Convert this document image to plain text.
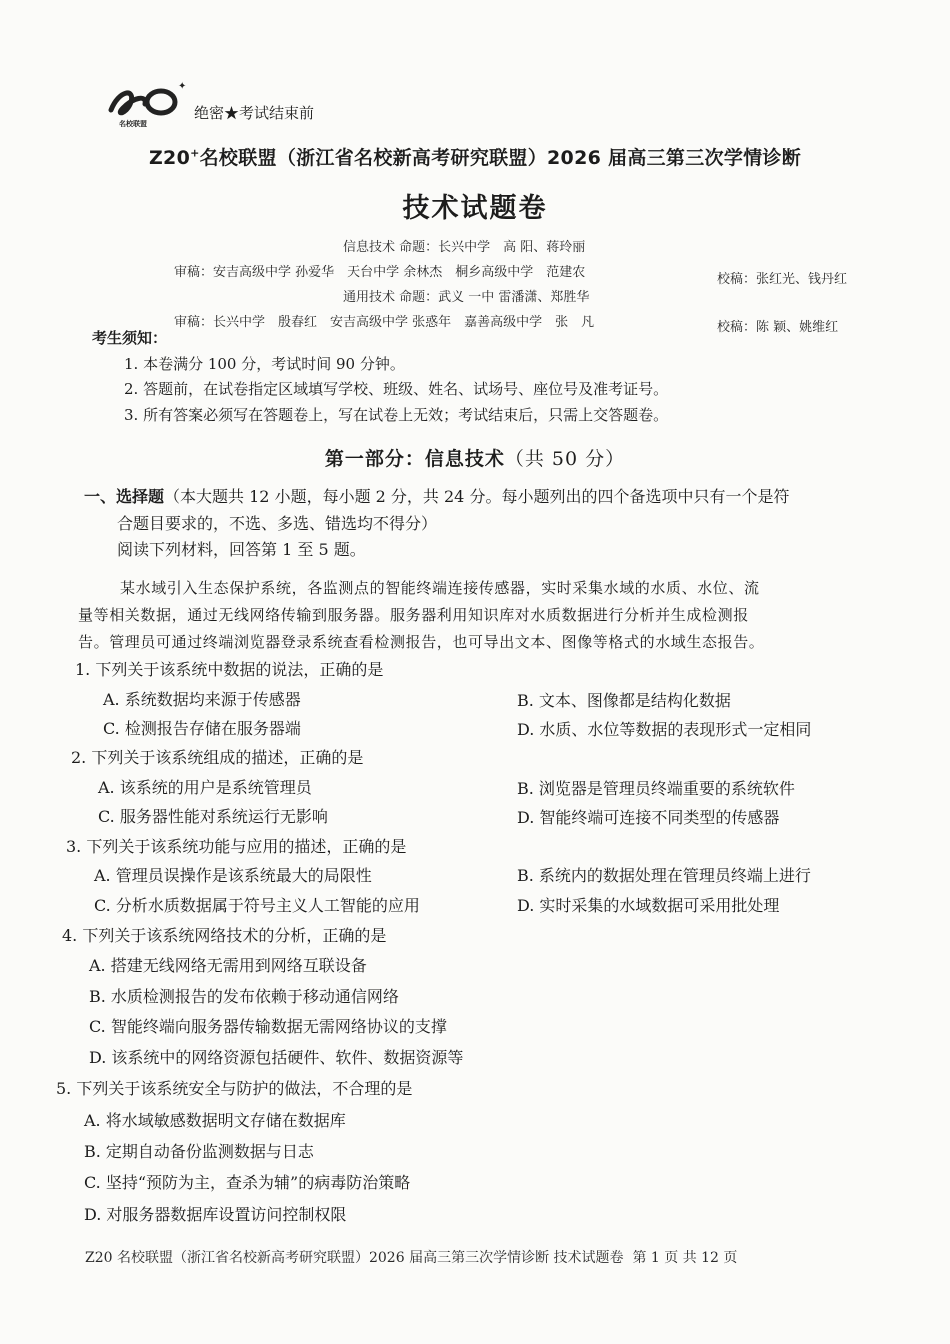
✦
名校联盟
绝密★考试结束前
Z20+名校联盟（浙江省名校新高考研究联盟）2026 届高三第三次学情诊断
技术试题卷
信息技术 命题：长兴中学　高 阳、蒋玲丽
审稿：安吉高级中学 孙爱华　天台中学 余林杰　桐乡高级中学　范建农	校稿：张红光、钱丹红
通用技术 命题：武义 一中 雷潘潇、郑胜华
审稿：长兴中学　殷春红　安吉高级中学 张惑年　嘉善高级中学　张　凡	校稿：陈 颖、姚维红
考生须知：
1. 本卷满分 100 分，考试时间 90 分钟。
2. 答题前，在试卷指定区域填写学校、班级、姓名、试场号、座位号及准考证号。
3. 所有答案必须写在答题卷上，写在试卷上无效；考试结束后，只需上交答题卷。
第一部分：信息技术（共 50 分）
一、选择题（本大题共 12 小题，每小题 2 分，共 24 分。每小题列出的四个备选项中只有一个是符
合题目要求的，不选、多选、错选均不得分）
阅读下列材料，回答第 1 至 5 题。
某水域引入生态保护系统，各监测点的智能终端连接传感器，实时采集水域的水质、水位、流
量等相关数据，通过无线网络传输到服务器。服务器利用知识库对水质数据进行分析并生成检测报
告。管理员可通过终端浏览器登录系统查看检测报告，也可导出文本、图像等格式的水域生态报告。
1. 下列关于该系统中数据的说法，正确的是
A. 系统数据均来源于传感器	B. 文本、图像都是结构化数据
C. 检测报告存储在服务器端	D. 水质、水位等数据的表现形式一定相同
2. 下列关于该系统组成的描述，正确的是
A. 该系统的用户是系统管理员	B. 浏览器是管理员终端重要的系统软件
C. 服务器性能对系统运行无影响	D. 智能终端可连接不同类型的传感器
3. 下列关于该系统功能与应用的描述，正确的是
A. 管理员误操作是该系统最大的局限性	B. 系统内的数据处理在管理员终端上进行
C. 分析水质数据属于符号主义人工智能的应用	D. 实时采集的水域数据可采用批处理
4. 下列关于该系统网络技术的分析，正确的是
A. 搭建无线网络无需用到网络互联设备
B. 水质检测报告的发布依赖于移动通信网络
C. 智能终端向服务器传输数据无需网络协议的支撑
D. 该系统中的网络资源包括硬件、软件、数据资源等
5. 下列关于该系统安全与防护的做法，不合理的是
A. 将水域敏感数据明文存储在数据库
B. 定期自动备份监测数据与日志
C. 坚持“预防为主，查杀为辅”的病毒防治策略
D. 对服务器数据库设置访问控制权限
Z20 名校联盟（浙江省名校新高考研究联盟）2026 届高三第三次学情诊断 技术试题卷 第 1 页 共 12 页
